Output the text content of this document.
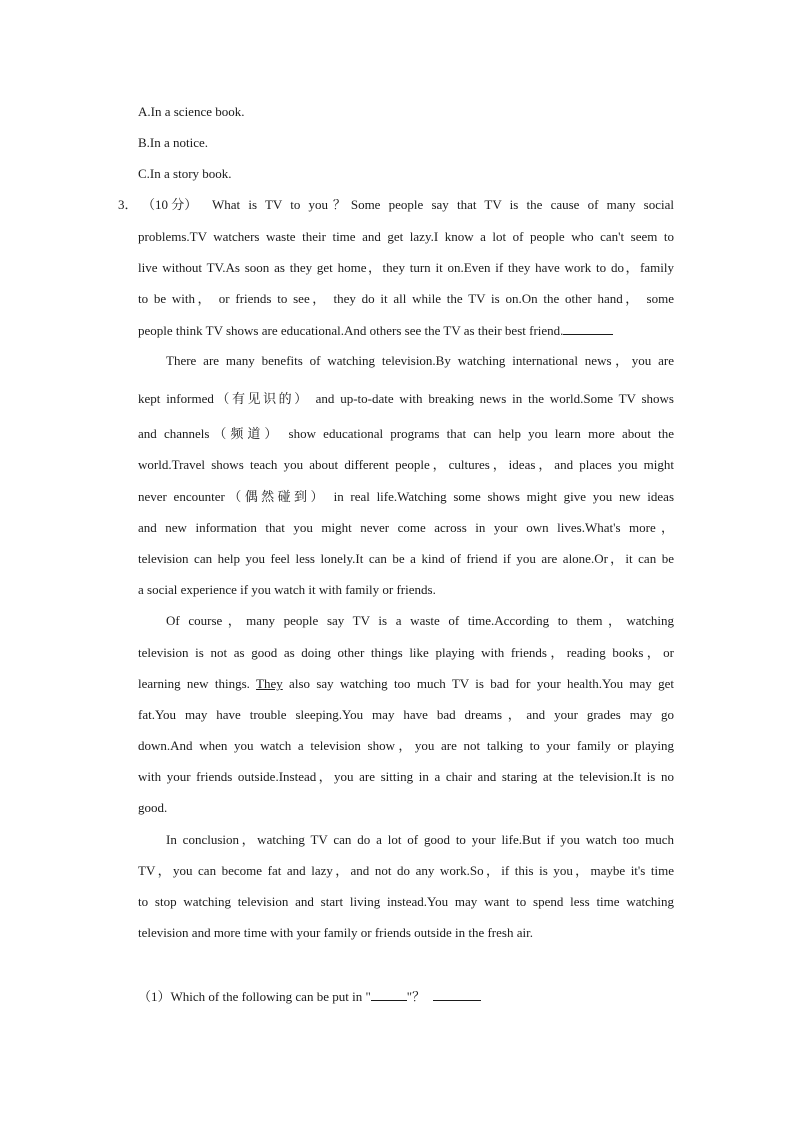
A.In a science book.
B.In a notice.
C.In a story book.
3． （10 分）	What is TV to you？Some people say that TV is the cause of many social
problems.TV watchers waste their time and get lazy.I know a lot of people who can't seem to
live without TV.As soon as they get home，they turn it on.Even if they have work to do，family
to be with， or friends to see， they do it all while the TV is on.On the other hand， some
people think TV shows are educational.And others see the TV as their best friend.
There are many benefits of watching television.By watching international news，you are
kept informed（有见识的） and up-to-date with breaking news in the world.Some TV shows
and channels（频道） show educational programs that can help you learn more about the
world.Travel shows teach you about different people，cultures，ideas，and places you might
never encounter（偶然碰到） in real life.Watching some shows might give you new ideas
and new information that you might never come across in your own lives.What's more，
television can help you feel less lonely.It can be a kind of friend if you are alone.Or，it can be
a social experience if you watch it with family or friends.
Of course，many people say TV is a waste of time.According to them，watching
television is not as good as doing other things like playing with friends，reading books，or
learning new things. They also say watching too much TV is bad for your health.You may get
fat.You may have trouble sleeping.You may have bad dreams，and your grades may go
down.And when you watch a television show，you are not talking to your family or playing
with your friends outside.Instead，you are sitting in a chair and staring at the television.It is no
good.
In conclusion，watching TV can do a lot of good to your life.But if you watch too much
TV，you can become fat and lazy，and not do any work.So，if this is you，maybe it's time
to stop watching television and start living instead.You may want to spend less time watching
television and more time with your family or friends outside in the fresh air.
（1）Which of the following can be put in "	"？
